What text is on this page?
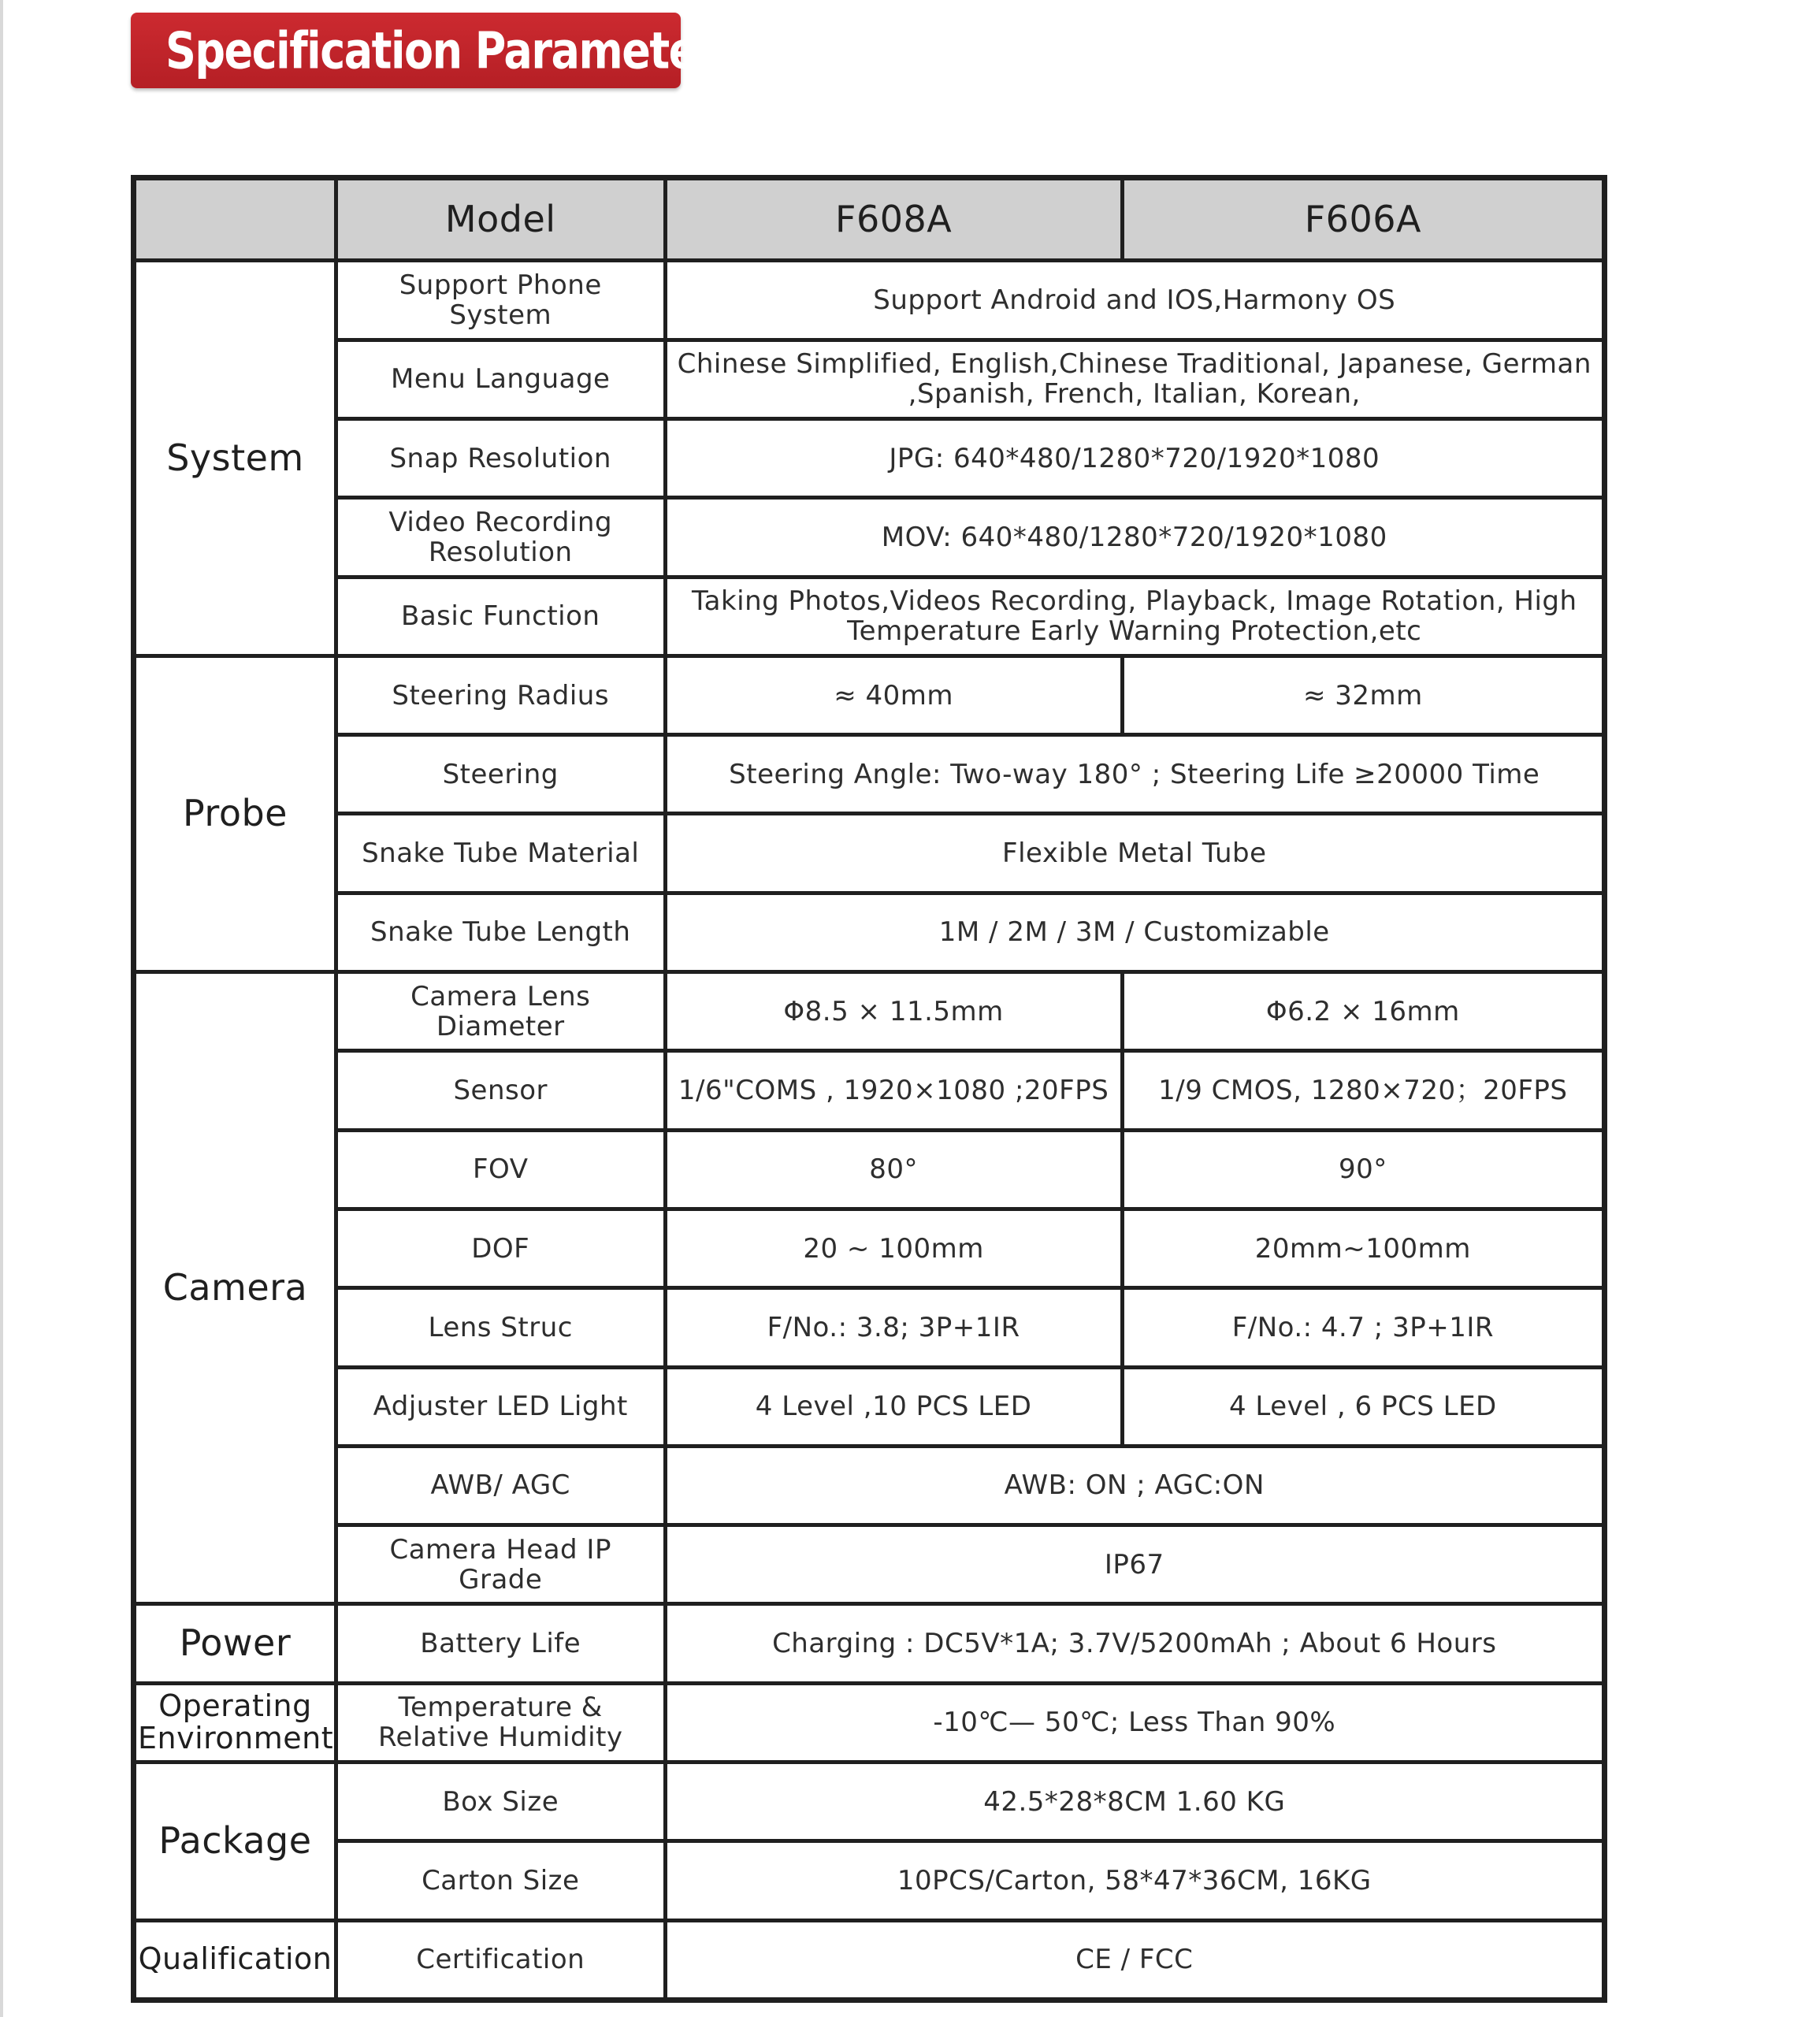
Specification Parameters
	Model	F608A	F606A
System	Support Phone System	Support Android and IOS,Harmony OS	
	Menu Language	Chinese Simplified, English,Chinese Traditional, Japanese, German ,Spanish, French, Italian, Korean,	
	Snap Resolution	JPG: 640*480/1280*720/1920*1080	
	Video Recording Resolution	MOV: 640*480/1280*720/1920*1080	
	Basic Function	Taking Photos,Videos Recording, Playback, Image Rotation, High Temperature Early Warning Protection,etc	
Probe	Steering Radius	≈ 40mm	≈ 32mm
	Steering	Steering Angle: Two-way 180° ; Steering Life ≥20000 Time	
	Snake Tube Material	Flexible Metal Tube	
	Snake Tube Length	1M / 2M / 3M / Customizable	
Camera	Camera Lens Diameter	Φ8.5 × 11.5mm	Φ6.2 × 16mm
	Sensor	1/6"COMS , 1920×1080 ;20FPS	1/9 CMOS, 1280×720；20FPS
	FOV	80°	90°
	DOF	20 ~ 100mm	20mm~100mm
	Lens Struc	F/No.: 3.8; 3P+1IR	F/No.: 4.7 ; 3P+1IR
	Adjuster LED Light	4 Level ,10 PCS LED	4 Level , 6 PCS LED
	AWB/ AGC	AWB: ON ; AGC:ON	
	Camera Head IP Grade	IP67	
Power	Battery Life	Charging : DC5V*1A; 3.7V/5200mAh ; About 6 Hours	
Operating Environment	Temperature & Relative Humidity	-10℃— 50℃; Less Than 90%	
Package	Box Size	42.5*28*8CM 1.60 KG	
	Carton Size	10PCS/Carton, 58*47*36CM, 16KG	
Qualification	Certification	CE / FCC	
